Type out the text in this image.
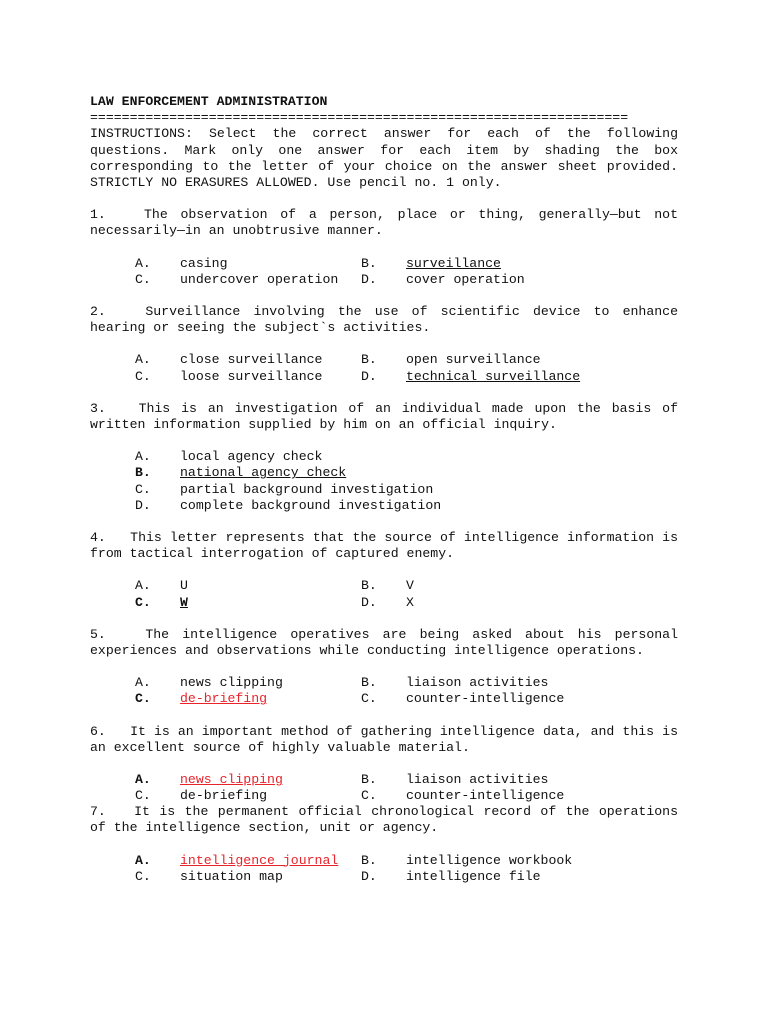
LAW ENFORCEMENT ADMINISTRATION
====================================================================
INSTRUCTIONS: Select the correct answer for each of the following questions. Mark only one answer for each item by shading the box corresponding to the letter of your choice on the answer sheet provided. STRICTLY NO ERASURES ALLOWED. Use pencil no. 1 only.
1.	The observation of a person, place or thing, generally—but not necessarily—in an unobtrusive manner.
A.	casing	B.	surveillance
C.	undercover operation D.	cover operation
2.	Surveillance involving the use of scientific device to enhance hearing or seeing the subject`s activities.
A.	close surveillance	B.	open surveillance
C.	loose surveillance	D.	technical surveillance
3. This is an investigation of an individual made upon the basis of written information supplied by him on an official inquiry.
A.	local agency check
B.	national agency check
C.	partial background investigation
D.	complete background investigation
4. This letter represents that the source of intelligence information is from tactical interrogation of captured enemy.
A.	U	B.	V
C.	W	D.	X
5.	The intelligence operatives are being asked about his personal experiences and observations while conducting intelligence operations.
A.	news clipping	B.	liaison activities
C.	de-briefing	C.	counter-intelligence
6. It is an important method of gathering intelligence data, and this is an excellent source of highly valuable material.
A.	news clipping	B.	liaison activities
C.	de-briefing	C.	counter-intelligence
7. It is the permanent official chronological record of the operations of the intelligence section, unit or agency.
A.	intelligence journal B.	intelligence workbook
C.	situation map	D.	intelligence file
